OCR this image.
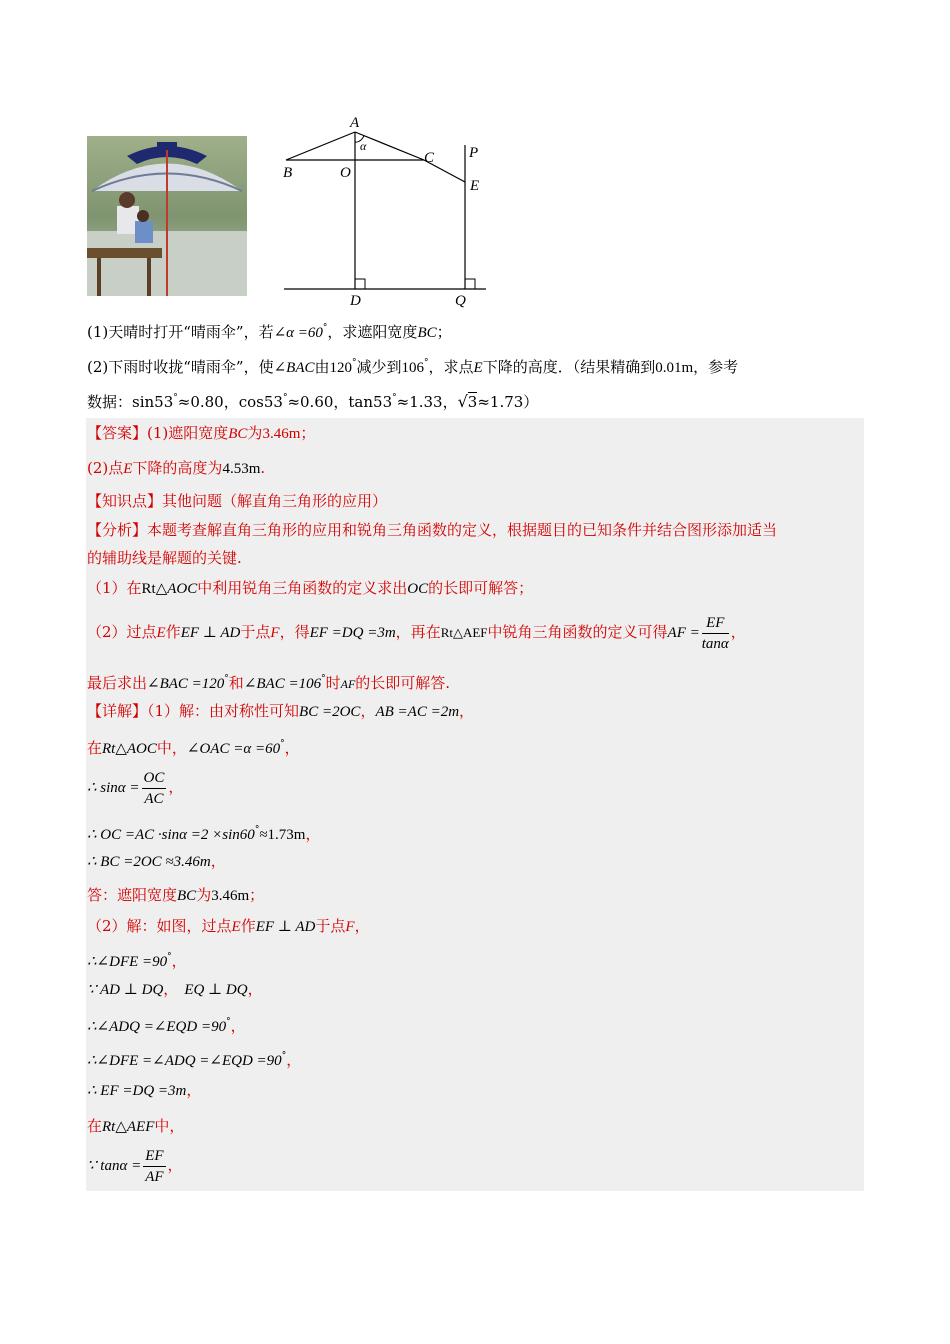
A
B	O
C P
E
D	Q
α
(1)天晴时打开“晴雨伞”，若∠α =60°，求遮阳宽度BC；
(2)下雨时收拢“晴雨伞”，使∠BAC由120°减少到106°，求点E下降的高度．（结果精确到0.01m，参考
数据：sin53°≈0.80，cos53°≈0.60，tan53°≈1.33，√3≈1.73）
【答案】(1)遮阳宽度BC为3.46m；
(2)点E下降的高度为4.53m.
【知识点】其他问题（解直角三角形的应用）
【分析】本题考查解直角三角形的应用和锐角三角函数的定义，根据题目的已知条件并结合图形添加适当
的辅助线是解题的关键.
（1）在Rt△AOC中利用锐角三角函数的定义求出OC的长即可解答；
（2）过点E作EF ⊥ AD于点F，得EF =DQ =3m，再在Rt△AEF中锐角三角函数的定义可得AF = $\frac{EF}{\tan\alpha}$ ，
最后求出∠BAC =120°和∠BAC =106°时AF的长即可解答.
【详解】（1）解：由对称性可知BC =2OC，AB =AC =2m，
在Rt△AOC中，∠OAC =α =60°，
∴ $\sin\alpha = \frac{OC}{AC}$ ，
∴ OC =AC ·sinα =2 ×sin60°≈1.73m，
∴ BC =2OC ≈3.46m，
答：遮阳宽度BC为3.46m；
（2）解：如图，过点E作EF ⊥ AD于点F，
∴∠DFE =90°，
∵ AD ⊥ DQ， EQ ⊥ DQ，
∴∠ADQ =∠EQD =90°，
∴∠DFE =∠ADQ =∠EQD =90°，
∴ EF =DQ =3m，
在Rt△AEF中，
∵ $\tan\alpha = \frac{EF}{AF}$ ，
